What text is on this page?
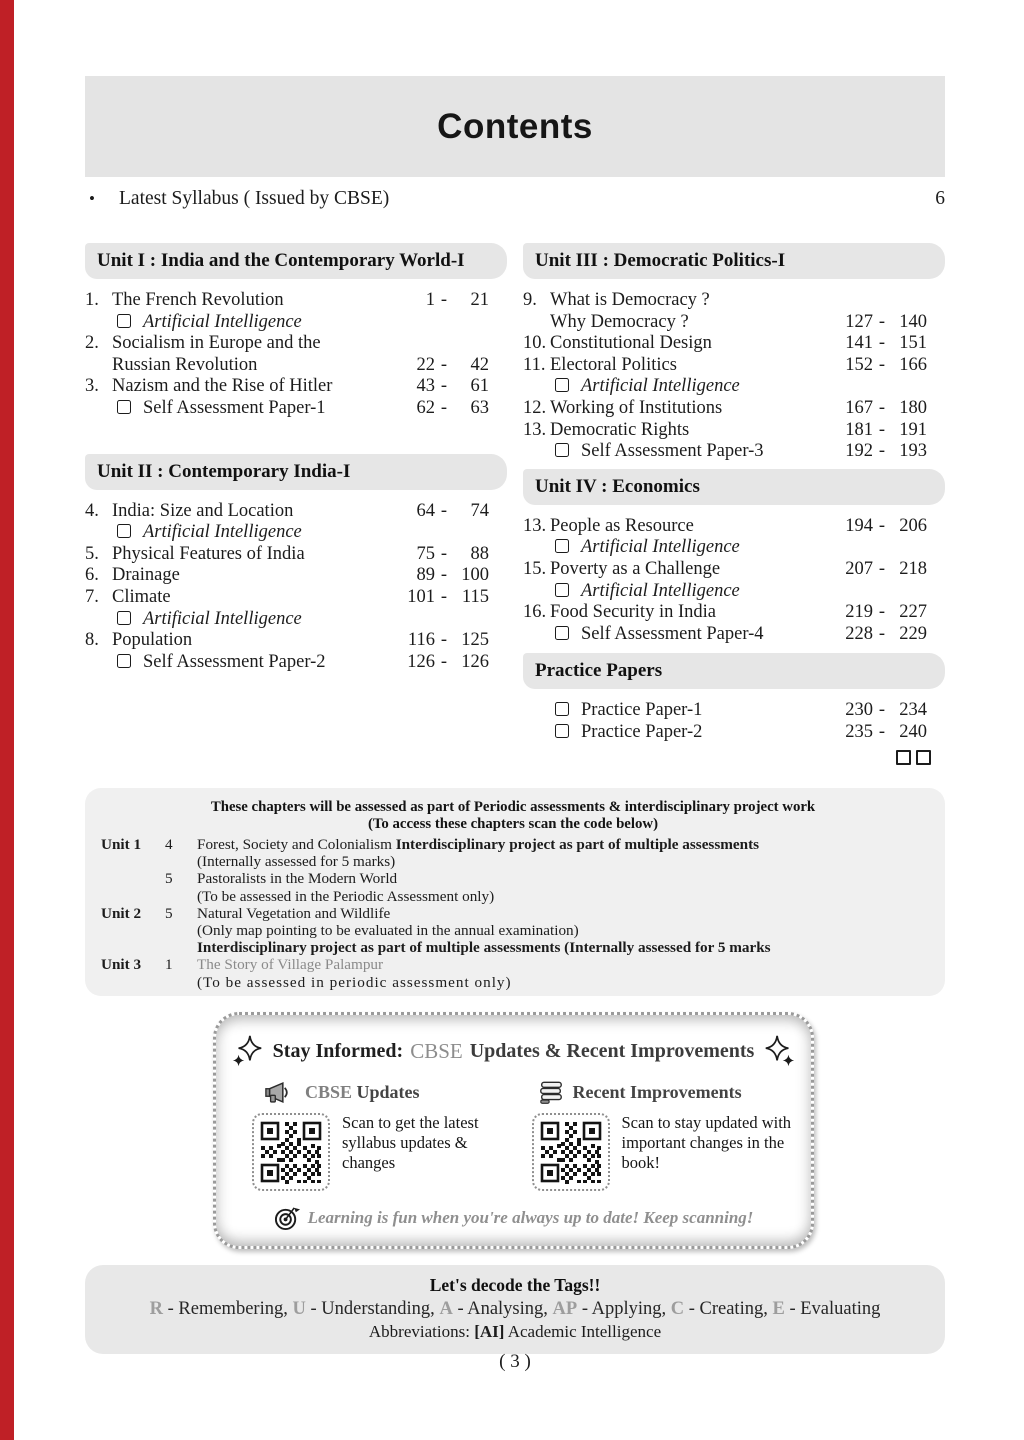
Contents
•	Latest Syllabus ( Issued by CBSE)	6
Unit I : India and the Contemporary World-I
1. The French Revolution	1 -	21
Artificial Intelligence
2. Socialism in Europe and the
Russian Revolution	22 -	42
3. Nazism and the Rise of Hitler	43 -	61
Self Assessment Paper-1	62 -	63
Unit II : Contemporary India-I
4. India: Size and Location	64 -	74
Artificial Intelligence
5. Physical Features of India	75 -	88
6. Drainage	89 - 100
7. Climate	101 - 115
Artificial Intelligence
8. Population	116 - 125
Self Assessment Paper-2	126 - 126
Unit III : Democratic Politics-I
9. What is Democracy ?
Why Democracy ?	127 - 140
10. Constitutional Design	141 - 151
11. Electoral Politics	152 - 166
Artificial Intelligence
12. Working of Institutions	167 - 180
13. Democratic Rights	181 - 191
Self Assessment Paper-3	192 - 193
Unit IV : Economics
13. People as Resource	194 - 206
Artificial Intelligence
15. Poverty as a Challenge	207 - 218
Artificial Intelligence
16. Food Security in India	219 - 227
Self Assessment Paper-4	228 - 229
Practice Papers
Practice Paper-1	230 - 234
Practice Paper-2	235 - 240
These chapters will be assessed as part of Periodic assessments & interdisciplinary project work
(To access these chapters scan the code below)
Unit 1	4	Forest, Society and Colonialism Interdisciplinary project as part of multiple assessments
(Internally assessed for 5 marks)
5	Pastoralists in the Modern World
(To be assessed in the Periodic Assessment only)
Unit 2	5	Natural Vegetation and Wildlife
(Only map pointing to be evaluated in the annual examination)
Interdisciplinary project as part of multiple assessments (Internally assessed for 5 marks
Unit 3	1	The Story of Village Palampur
(To be assessed in periodic assessment only)
Stay Informed: CBSE Updates & Recent Improvements
CBSE Updates	Recent Improvements
Scan to get the latest syllabus updates & changes
Scan to stay updated with important changes in the book!
Learning is fun when you're always up to date! Keep scanning!
Let's decode the Tags!!
R - Remembering, U - Understanding, A - Analysing, AP - Applying, C - Creating, E - Evaluating
Abbreviations: [AI] Academic Intelligence
( 3 )
